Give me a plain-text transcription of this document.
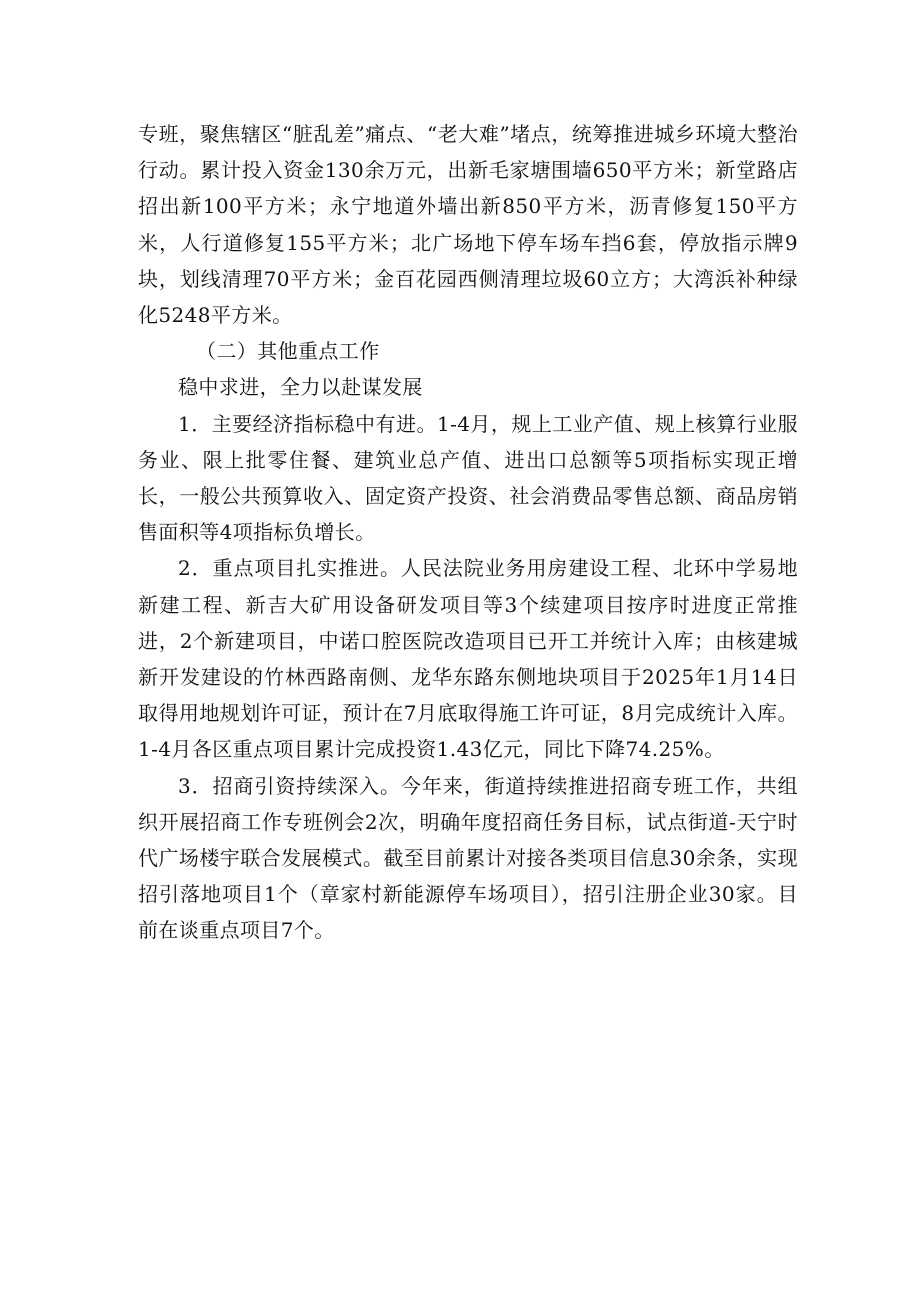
专班，聚焦辖区“脏乱差”痛点、“老大难”堵点，统筹推进城乡环境大整治行动。累计投入资金130余万元，出新毛家塘围墙650平方米；新堂路店招出新100平方米；永宁地道外墙出新850平方米，沥青修复150平方米，人行道修复155平方米；北广场地下停车场车挡6套，停放指示牌9块，划线清理70平方米；金百花园西侧清理垃圾60立方；大湾浜补种绿化5248平方米。

（二）其他重点工作

稳中求进，全力以赴谋发展

1．主要经济指标稳中有进。1-4月，规上工业产值、规上核算行业服务业、限上批零住餐、建筑业总产值、进出口总额等5项指标实现正增长，一般公共预算收入、固定资产投资、社会消费品零售总额、商品房销售面积等4项指标负增长。

2．重点项目扎实推进。人民法院业务用房建设工程、北环中学易地新建工程、新吉大矿用设备研发项目等3个续建项目按序时进度正常推进，2个新建项目，中诺口腔医院改造项目已开工并统计入库；由核建城新开发建设的竹林西路南侧、龙华东路东侧地块项目于2025年1月14日取得用地规划许可证，预计在7月底取得施工许可证，8月完成统计入库。1-4月各区重点项目累计完成投资1.43亿元，同比下降74.25%。

3．招商引资持续深入。今年来，街道持续推进招商专班工作，共组织开展招商工作专班例会2次，明确年度招商任务目标，试点街道-天宁时代广场楼宇联合发展模式。截至目前累计对接各类项目信息30余条，实现招引落地项目1个（章家村新能源停车场项目），招引注册企业30家。目前在谈重点项目7个。
